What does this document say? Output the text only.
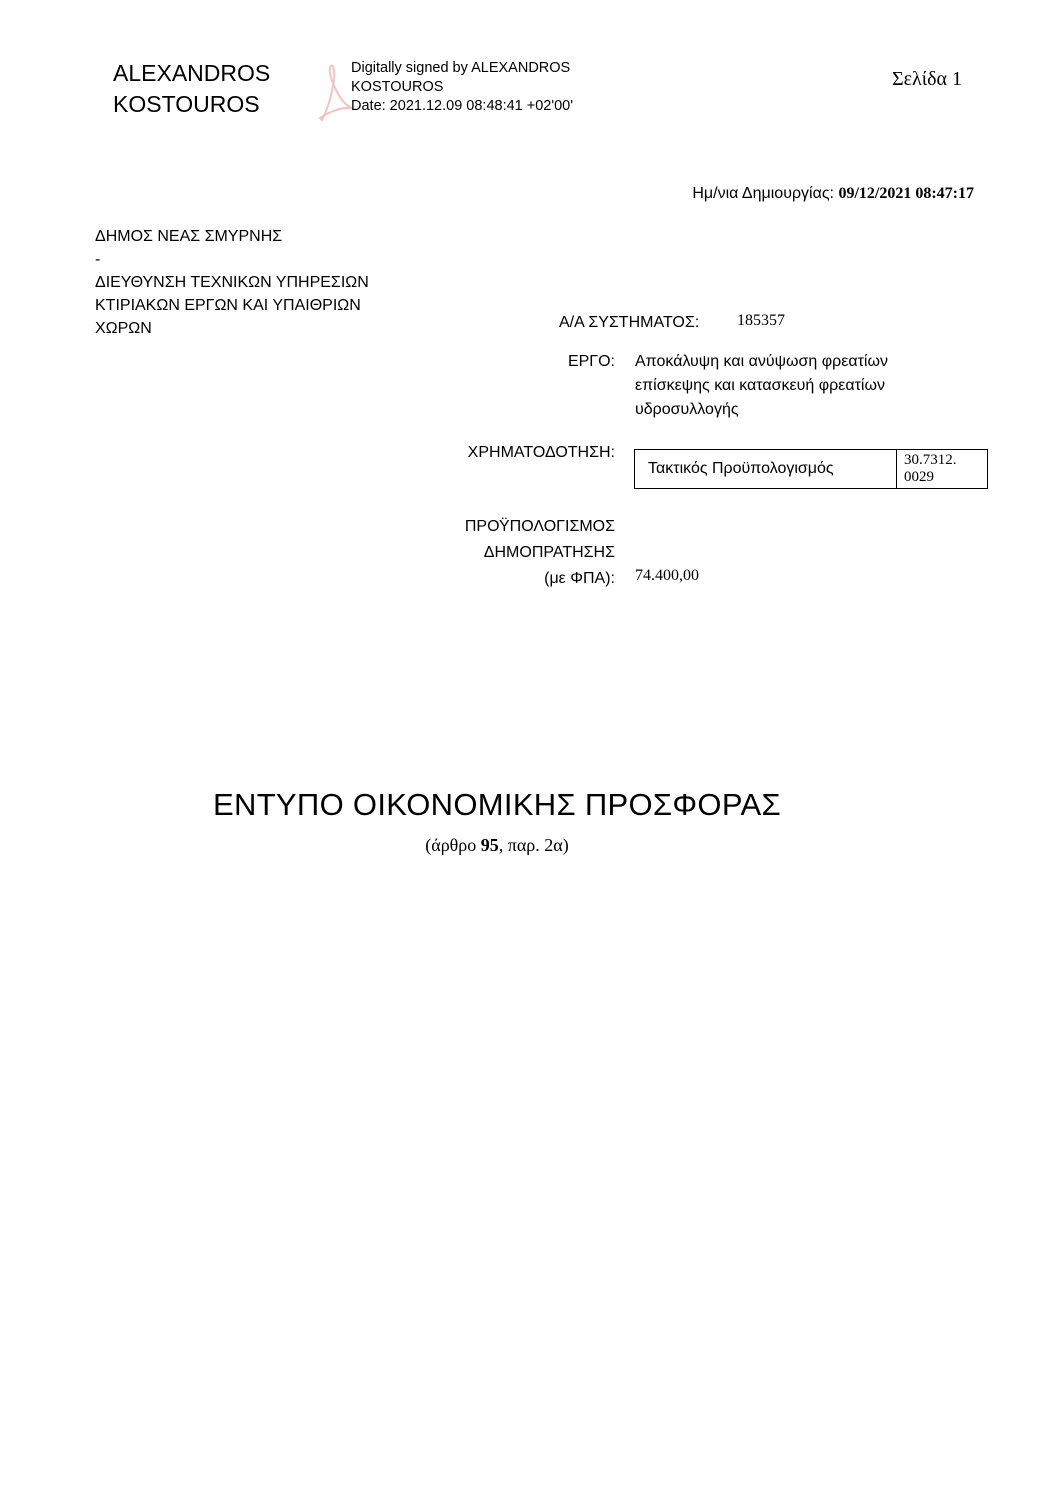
ALEXANDROS
KOSTOUROS
Digitally signed by ALEXANDROS
KOSTOUROS
Date: 2021.12.09 08:48:41 +02'00'
Σελίδα 1
Ημ/νια Δημιουργίας: 09/12/2021 08:47:17
ΔΗΜΟΣ ΝΕΑΣ ΣΜΥΡΝΗΣ
-
ΔΙΕΥΘΥΝΣΗ ΤΕΧΝΙΚΩΝ ΥΠΗΡΕΣΙΩΝ
ΚΤΙΡΙΑΚΩΝ ΕΡΓΩΝ ΚΑΙ ΥΠΑΙΘΡΙΩΝ
ΧΩΡΩΝ	Α/Α ΣΥΣΤΗΜΑΤΟΣ: 185357
ΕΡΓΟ: Αποκάλυψη και ανύψωση φρεατίων
επίσκεψης και κατασκευή φρεατίων
υδροσυλλογής
ΧΡΗΜΑΤΟΔΟΤΗΣΗ:
Τακτικός Προϋπολογισμός	30.7312.
0029
ΠΡΟΫΠΟΛΟΓΙΣΜΟΣ
ΔΗΜΟΠΡΑΤΗΣΗΣ
(με ΦΠΑ): 74.400,00
ΕΝΤΥΠΟ ΟΙΚΟΝΟΜΙΚΗΣ ΠΡΟΣΦΟΡΑΣ
(άρθρο 95, παρ. 2α)
